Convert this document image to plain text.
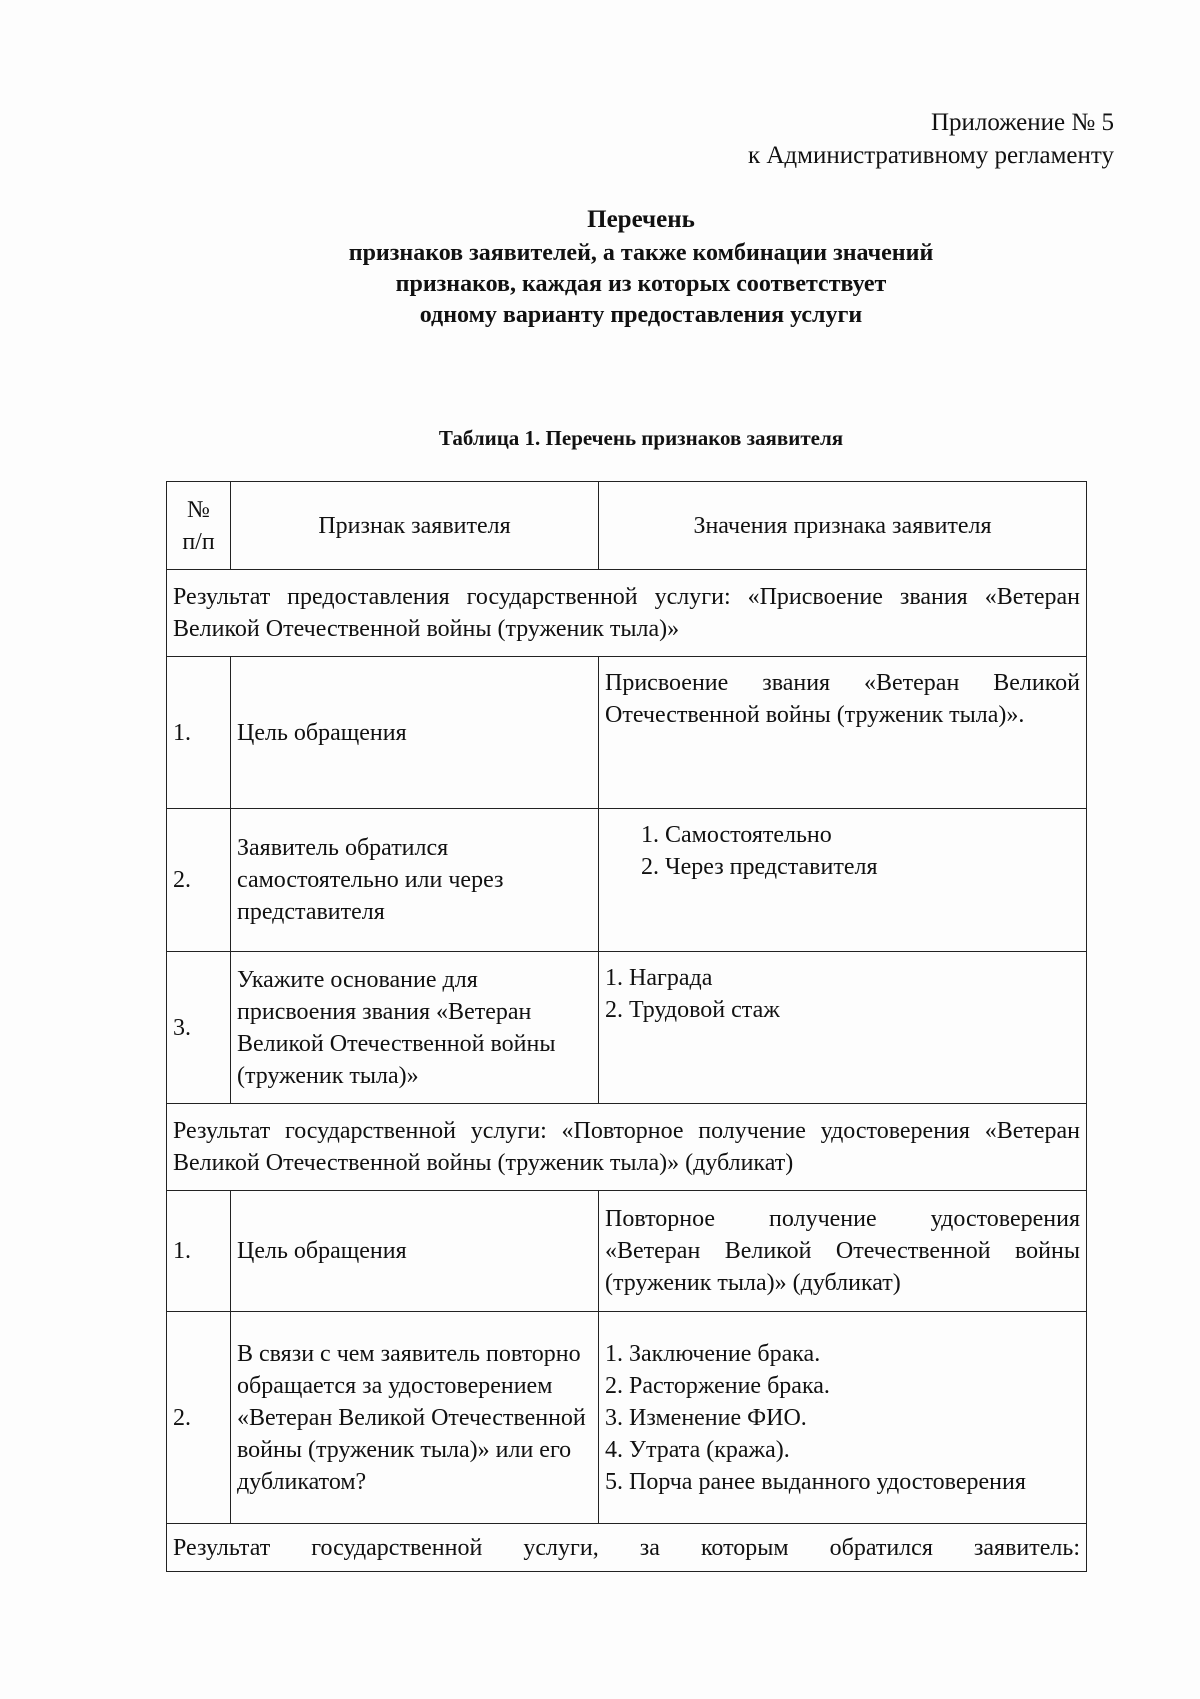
Приложение № 5
к Административному регламенту
Перечень
признаков заявителей, а также комбинации значений
признаков, каждая из которых соответствует
одному варианту предоставления услуги
Таблица 1. Перечень признаков заявителя
№
п/п	Признак заявителя	Значения признака заявителя
Результат предоставления государственной услуги: «Присвоение звания «Ветеран Великой Отечественной войны (труженик тыла)»		
1.	Цель обращения	Присвоение звания «Ветеран Великой Отечественной войны (труженик тыла)».
2.	Заявитель обратился самостоятельно или через представителя	1. Самостоятельно
2. Через представителя

3.	Укажите основание для присвоения звания «Ветеран Великой Отечественной войны (труженик тыла)»	1. Награда
2. Трудовой стаж

Результат государственной услуги: «Повторное получение удостоверения «Ветеран Великой Отечественной войны (труженик тыла)» (дубликат)		
1.	Цель обращения	Повторное получение удостоверения «Ветеран Великой Отечественной войны (труженик тыла)» (дубликат)
2.	В связи с чем заявитель повторно обращается за удостоверением «Ветеран Великой Отечественной войны (труженик тыла)» или его дубликатом?	1. Заключение брака.
2. Расторжение брака.
3. Изменение ФИО.
4. Утрата (кража).
5. Порча ранее выданного удостоверения

Результат государственной услуги, за которым обратился заявитель:		
